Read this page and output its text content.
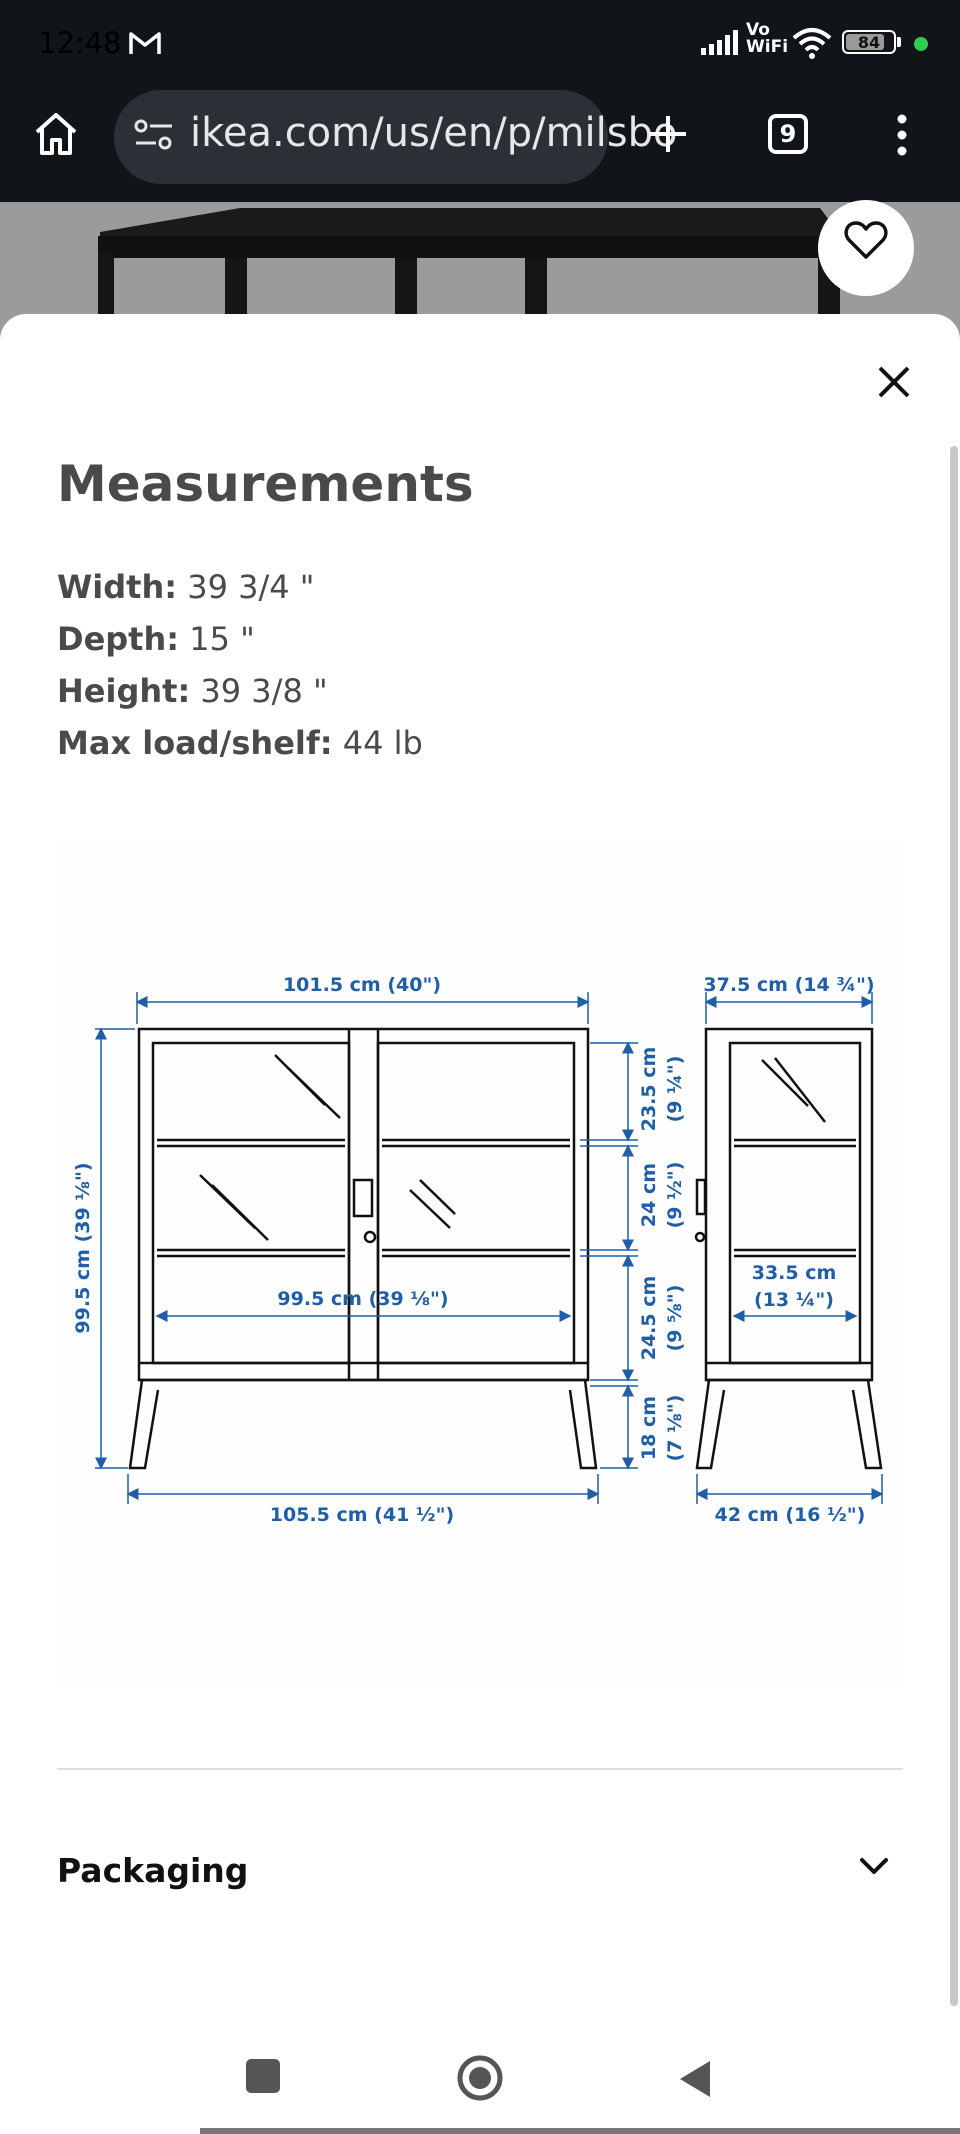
12:48	Vo WiFi	84
ikea.com/us/en/p/milsbo	9
Measurements
Width: 39 3/4 "
Depth: 15 "
Height: 39 3/8 "
Max load/shelf: 44 lb
101.5 cm (40")	37.5 cm (14 ¾")
99.5 cm (39 ⅛")	99.5 cm (39 ⅛")
105.5 cm (41 ½")	42 cm (16 ½")
33.5 cm
(13 ¼")
23.5 cm (9 ¼")
24 cm (9 ½")
24.5 cm (9 ⅝")
18 cm (7 ⅛")
Packaging
